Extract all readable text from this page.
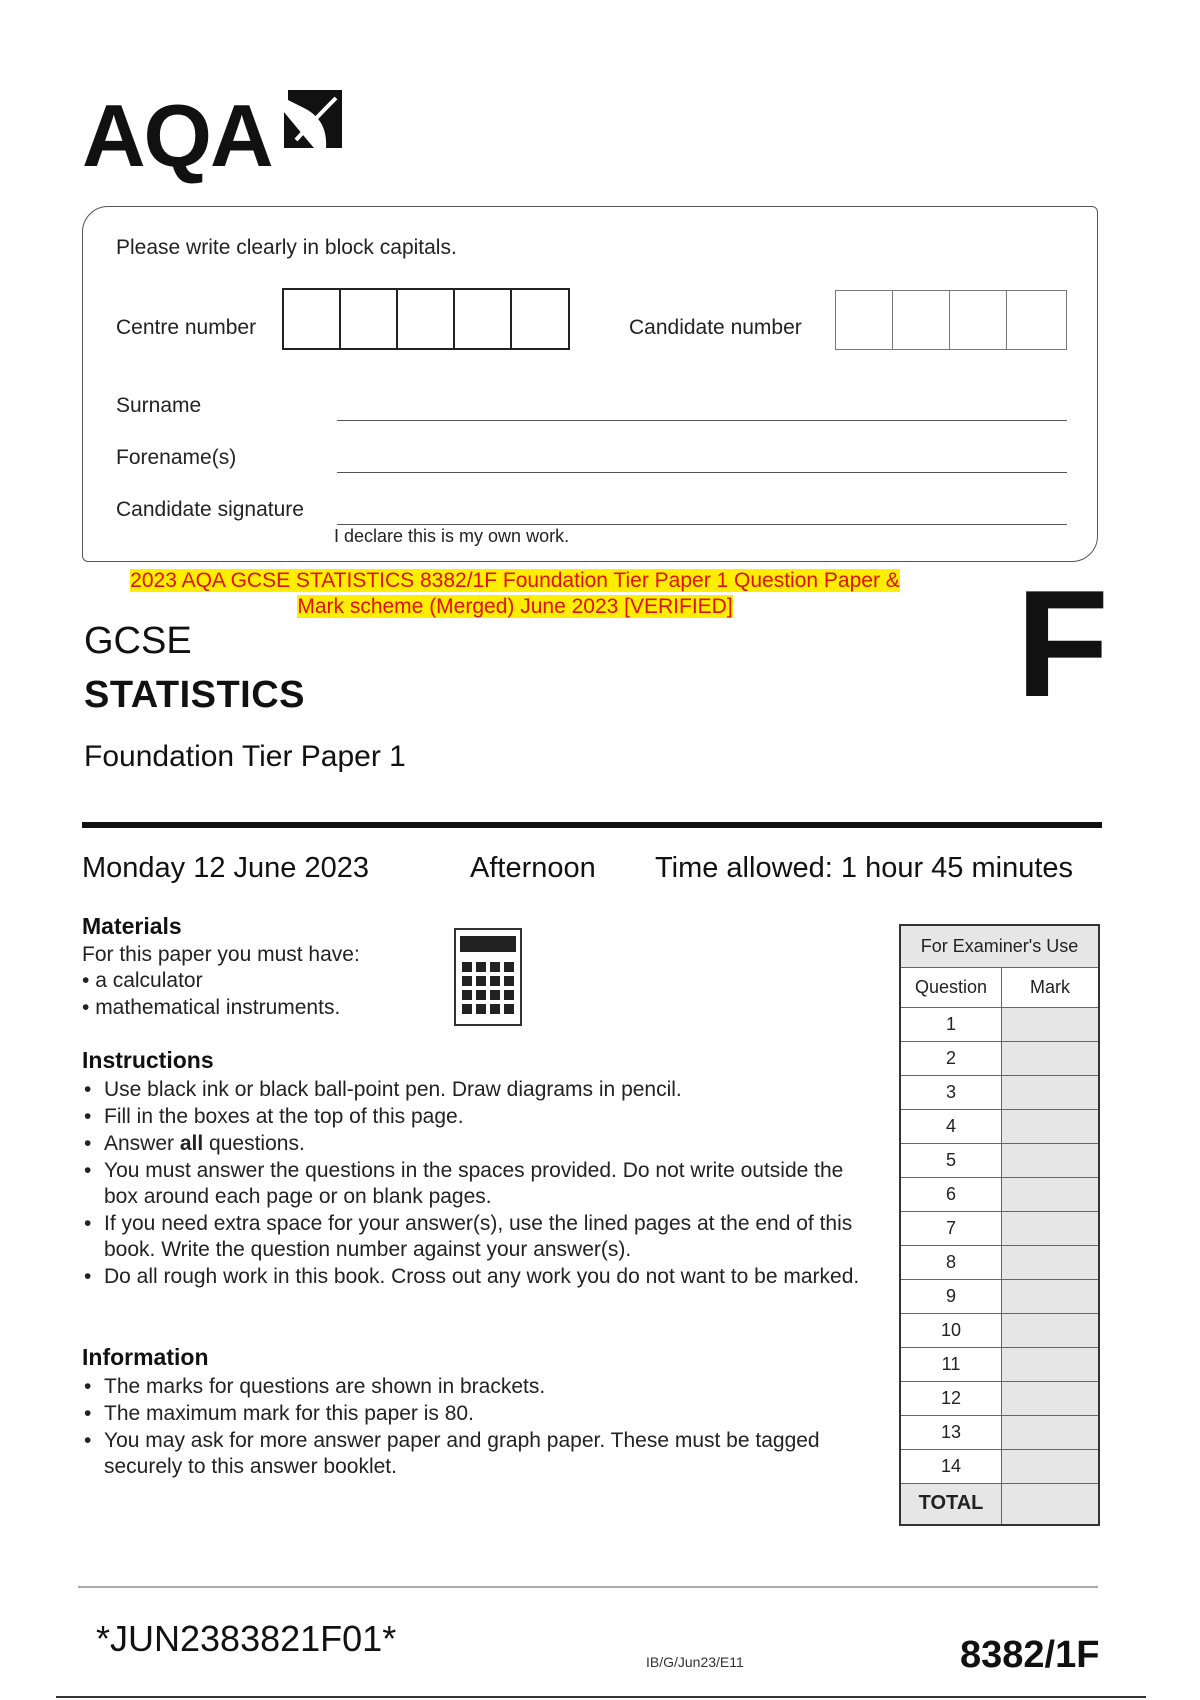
AQA
Please write clearly in block capitals.
Centre number	Candidate number
Surname
Forename(s)
Candidate signature
I declare this is my own work.
2023 AQA GCSE STATISTICS 8382/1F Foundation Tier Paper 1 Question Paper &
Mark scheme (Merged) June 2023 [VERIFIED]
GCSE
STATISTICS	F
Foundation Tier Paper 1
Monday 12 June 2023	Afternoon Time allowed: 1 hour 45 minutes
Materials
For this paper you must have:
• a calculator
• mathematical instruments.
Instructions
• Use black ink or black ball-point pen. Draw diagrams in pencil.
• Fill in the boxes at the top of this page.
• Answer all questions.
• You must answer the questions in the spaces provided. Do not write outside the box around each page or on blank pages.
• If you need extra space for your answer(s), use the lined pages at the end of this book. Write the question number against your answer(s).
• Do all rough work in this book. Cross out any work you do not want to be marked.
Information
• The marks for questions are shown in brackets.
• The maximum mark for this paper is 80.
• You may ask for more answer paper and graph paper. These must be tagged securely to this answer booklet.
For Examiner's Use	
Question	Mark
1	
2	
3	
4	
5	
6	
7	
8	
9	
10	
11	
12	
13	
14	
TOTAL	
*JUN2383821F01*
IB/G/Jun23/E11	8382/1F
